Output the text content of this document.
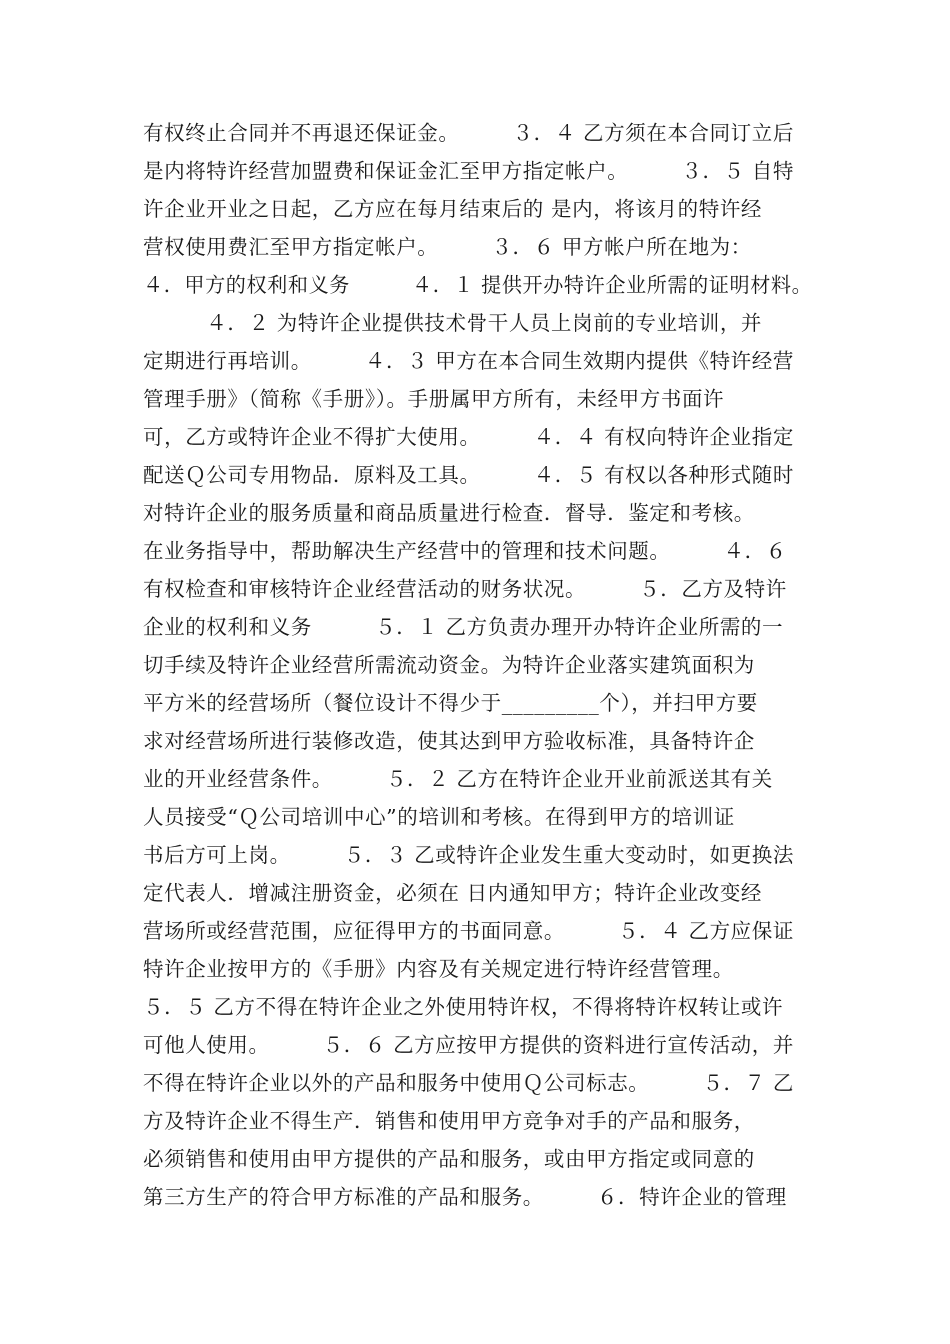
有权终止合同并不再退还保证金。　　　３．４ 乙方须在本合同订立后
是内将特许经营加盟费和保证金汇至甲方指定帐户。　　　３．５ 自特
许企业开业之日起，乙方应在每月结束后的 是内，将该月的特许经
营权使用费汇至甲方指定帐户。　　　３．６ 甲方帐户所在地为：
４．甲方的权利和义务　　　４．１ 提供开办特许企业所需的证明材料。
　　　４．２ 为特许企业提供技术骨干人员上岗前的专业培训，并
定期进行再培训。　　　４．３ 甲方在本合同生效期内提供《特许经营
管理手册》（简称《手册》）。手册属甲方所有，未经甲方书面许
可，乙方或特许企业不得扩大使用。　　　４．４ 有权向特许企业指定
配送Ｑ公司专用物品．原料及工具。　　　４．５ 有权以各种形式随时
对特许企业的服务质量和商品质量进行检查．督导．鉴定和考核。
在业务指导中，帮助解决生产经营中的管理和技术问题。　　　４．６
有权检查和审核特许企业经营活动的财务状况。　　　５．乙方及特许
企业的权利和义务　　　５．１ 乙方负责办理开办特许企业所需的一
切手续及特许企业经营所需流动资金。为特许企业落实建筑面积为
平方米的经营场所（餐位设计不得少于_________个），并扫甲方要
求对经营场所进行装修改造，使其达到甲方验收标准，具备特许企
业的开业经营条件。　　　５．２ 乙方在特许企业开业前派送其有关
人员接受“Ｑ公司培训中心”的培训和考核。在得到甲方的培训证
书后方可上岗。　　　５．３ 乙或特许企业发生重大变动时，如更换法
定代表人．增减注册资金，必须在 日内通知甲方；特许企业改变经
营场所或经营范围，应征得甲方的书面同意。　　　５．４ 乙方应保证
特许企业按甲方的《手册》内容及有关规定进行特许经营管理。
５．５ 乙方不得在特许企业之外使用特许权，不得将特许权转让或许
可他人使用。　　　５．６ 乙方应按甲方提供的资料进行宣传活动，并
不得在特许企业以外的产品和服务中使用Ｑ公司标志。　　　５．７ 乙
方及特许企业不得生产．销售和使用甲方竞争对手的产品和服务，
必须销售和使用由甲方提供的产品和服务，或由甲方指定或同意的
第三方生产的符合甲方标准的产品和服务。　　　６．特许企业的管理
